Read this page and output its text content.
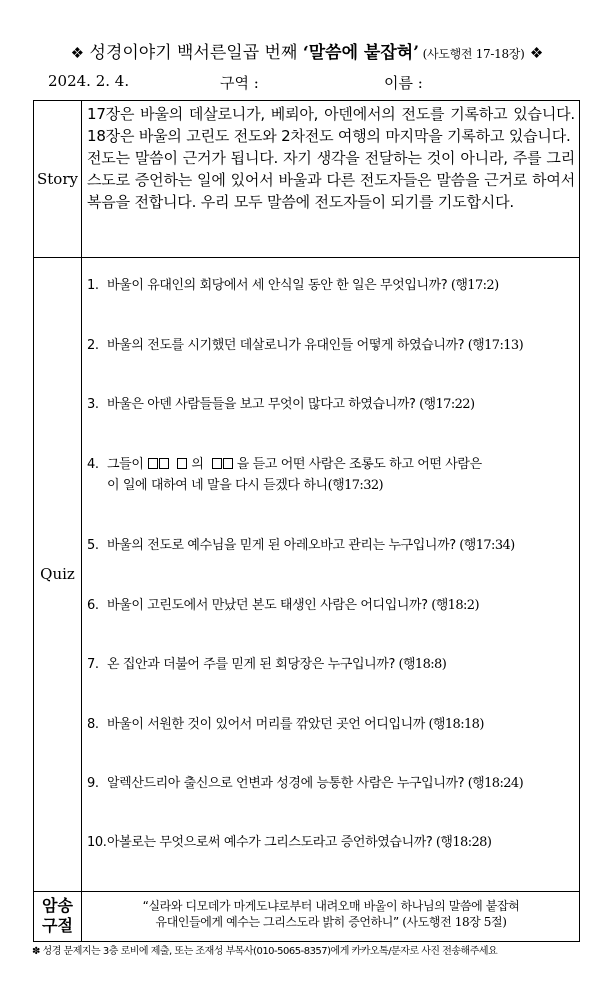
❖ 성경이야기 백서른일곱 번째 ‘말씀에 붙잡혀’ (사도행전 17-18장) ❖
2024. 2. 4.	구역 :	이름 :
Story

17장은 바울의 데살로니가, 베뢰아, 아덴에서의 전도를 기록하고 있습니다. 18장은 바울의 고린도 전도와 2차전도 여행의 마지막을 기록하고 있습니다.

전도는 말씀이 근거가 됩니다. 자기 생각을 전달하는 것이 아니라, 주를 그리스도로 증언하는 일에 있어서 바울과 다른 전도자들은 말씀을 근거로 하여서 복음을 전합니다. 우리 모두 말씀에 전도자들이 되기를 기도합시다.

Quiz
1. 바울이 유대인의 회당에서 세 안식일 동안 한 일은 무엇입니까? (행17:2)
2. 바울의 전도를 시기했던 데살로니가 유대인들 어떻게 하였습니까? (행17:13)
3. 바울은 아덴 사람들들을 보고 무엇이 많다고 하였습니까? (행17:22)
4. 그들이	의   을 듣고 어떤 사람은 조롱도 하고 어떤 사람은
이 일에 대하여 네 말을 다시 듣겠다 하니(행17:32)
5. 바울의 전도로 예수님을 믿게 된 아레오바고 관리는 누구입니까? (행17:34)
6. 바울이 고린도에서 만났던 본도 태생인 사람은 어디입니까? (행18:2)
7. 온 집안과 더불어 주를 믿게 된 회당장은 누구입니까? (행18:8)
8. 바울이 서원한 것이 있어서 머리를 깎았던 곳언 어디입니까 (행18:18)
9. 알렉산드리아 출신으로 언변과 성경에 능통한 사람은 누구입니까? (행18:24)
10.아볼로는 무엇으로써 예수가 그리스도라고 증언하였습니까? (행18:28)
암송
구절
“실라와 디모데가 마게도냐로부터 내려오매 바울이 하나님의 말씀에 붙잡혀
유대인들에게 예수는 그리스도라 밝히 증언하니” (사도행전 18장 5절)
✽ 성경 문제지는 3층 로비에 제출, 또는 조재성 부목사(010-5065-8357)에게 카카오톡/문자로 사진 전송해주세요
